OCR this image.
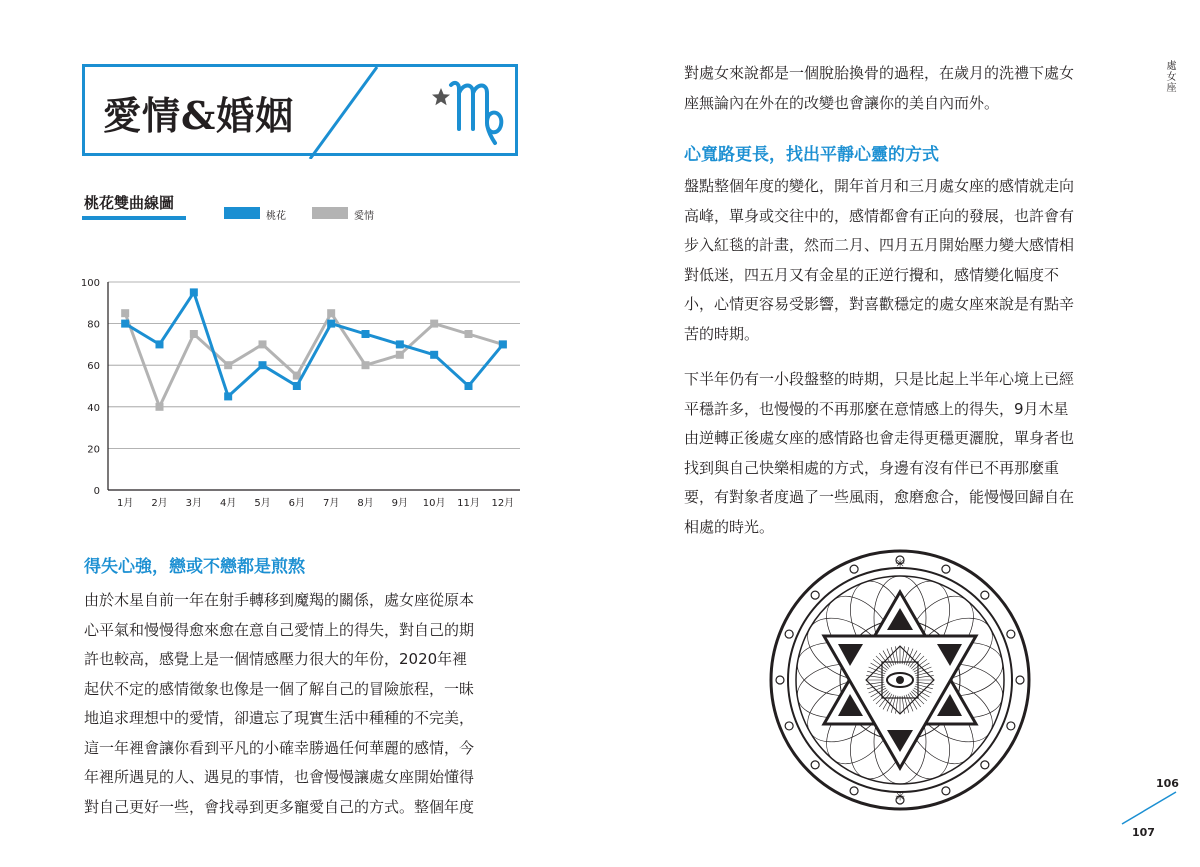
愛情&婚姻
桃花雙曲線圖
桃花	愛情
0
20
40
60
80
100
1月 2月 3月 4月 5月 6月 7月 8月 9月 10月 11月 12月
得失心強，戀或不戀都是煎熬
由於木星自前一年在射手轉移到魔羯的關係，處女座從原本
心平氣和慢慢得愈來愈在意自己愛情上的得失，對自己的期
許也較高，感覺上是一個情感壓力很大的年份，2020年裡
起伏不定的感情徵象也像是一個了解自己的冒險旅程，一昧
地追求理想中的愛情，卻遺忘了現實生活中種種的不完美，
這一年裡會讓你看到平凡的小確幸勝過任何華麗的感情，今
年裡所遇見的人、遇見的事情，也會慢慢讓處女座開始懂得
對自己更好一些，會找尋到更多寵愛自己的方式。整個年度
對處女來說都是一個脫胎換骨的過程，在歲月的洗禮下處女
座無論內在外在的改變也會讓你的美自內而外。
心寬路更長，找出平靜心靈的方式
盤點整個年度的變化，開年首月和三月處女座的感情就走向
高峰，單身或交往中的，感情都會有正向的發展，也許會有
步入紅毯的計畫，然而二月、四月五月開始壓力變大感情相
對低迷，四五月又有金星的正逆行攪和，感情變化幅度不
小，心情更容易受影響，對喜歡穩定的處女座來說是有點辛
苦的時期。
下半年仍有一小段盤整的時期，只是比起上半年心境上已經
平穩許多，也慢慢的不再那麼在意情感上的得失，9月木星
由逆轉正後處女座的感情路也會走得更穩更灑脫，單身者也
找到與自己快樂相處的方式，身邊有沒有伴已不再那麼重
要，有對象者度過了一些風雨，愈磨愈合，能慢慢回歸自在
相處的時光。
處女座
✳
✳
106
107
